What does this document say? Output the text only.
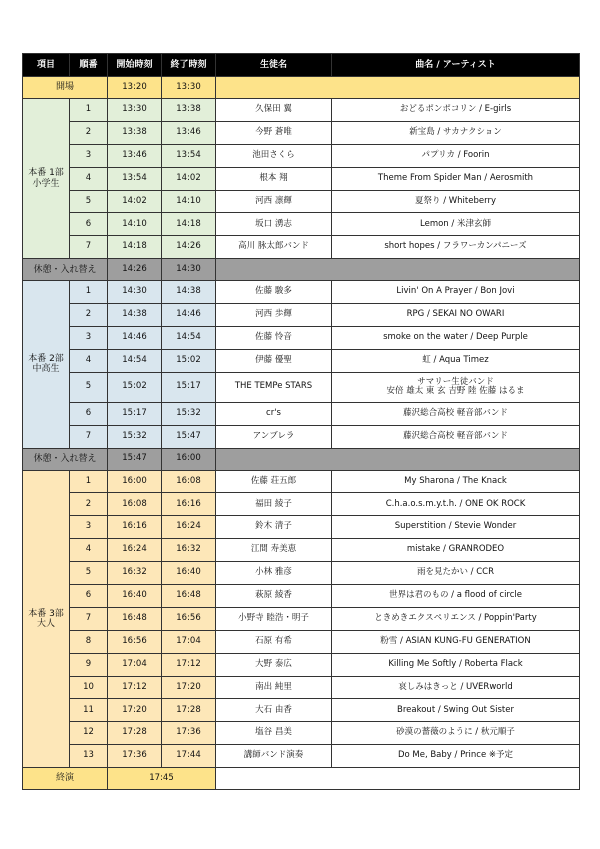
項目	順番	開始時刻	終了時刻	生徒名	曲名 / アーティスト
開場		13:20	13:30		
本番 1部
小学生	1	13:30	13:38	久保田 翼	おどるポンポコリン / E-girls
	2	13:38	13:46	今野 蒼唯	新宝島 / サカナクション
	3	13:46	13:54	池田さくら	パプリカ / Foorin
	4	13:54	14:02	根本 翔	Theme From Spider Man / Aerosmith
	5	14:02	14:10	河西 凛輝	夏祭り / Whiteberry
	6	14:10	14:18	坂口 湧志	Lemon / 米津玄師
	7	14:18	14:26	高川 脉太郎バンド	short hopes / フラワーカンパニーズ
休憩・入れ替え		14:26	14:30		
本番 2部
中高生	1	14:30	14:38	佐藤 駿多	Livin' On A Prayer / Bon Jovi
	2	14:38	14:46	河西 歩輝	RPG / SEKAI NO OWARI
	3	14:46	14:54	佐藤 怜音	smoke on the water / Deep Purple
	4	14:54	15:02	伊藤 優聖	虹 / Aqua Timez
	5	15:02	15:17	THE TEMPe STARS	サマリー生徒バンド
安倍 雄太 東 玄 吉野 陸 佐藤 はるま
	6	15:17	15:32	cr's	藤沢総合高校 軽音部バンド
	7	15:32	15:47	アンブレラ	藤沢総合高校 軽音部バンド
休憩・入れ替え		15:47	16:00		
本番 3部
大人	1	16:00	16:08	佐藤 荘五郎	My Sharona / The Knack
	2	16:08	16:16	福田 綾子	C.h.a.o.s.m.y.t.h. / ONE OK ROCK
	3	16:16	16:24	鈴木 清子	Superstition / Stevie Wonder
	4	16:24	16:32	江間 寿美恵	mistake / GRANRODEO
	5	16:32	16:40	小林 雅彦	雨を見たかい / CCR
	6	16:40	16:48	萩原 綾香	世界は君のもの / a flood of circle
	7	16:48	16:56	小野寺 睦浩・明子	ときめきエクスペリエンス / Poppin'Party
	8	16:56	17:04	石原 有希	粉雪 / ASIAN KUNG-FU GENERATION
	9	17:04	17:12	大野 泰広	Killing Me Softly / Roberta Flack
	10	17:12	17:20	南出 純里	哀しみはきっと / UVERworld
	11	17:20	17:28	大石 由香	Breakout / Swing Out Sister
	12	17:28	17:36	塩谷 昌美	砂漠の薔薇のように / 秋元順子
	13	17:36	17:44	講師バンド演奏	Do Me, Baby / Prince ※予定
終演		17:45			
